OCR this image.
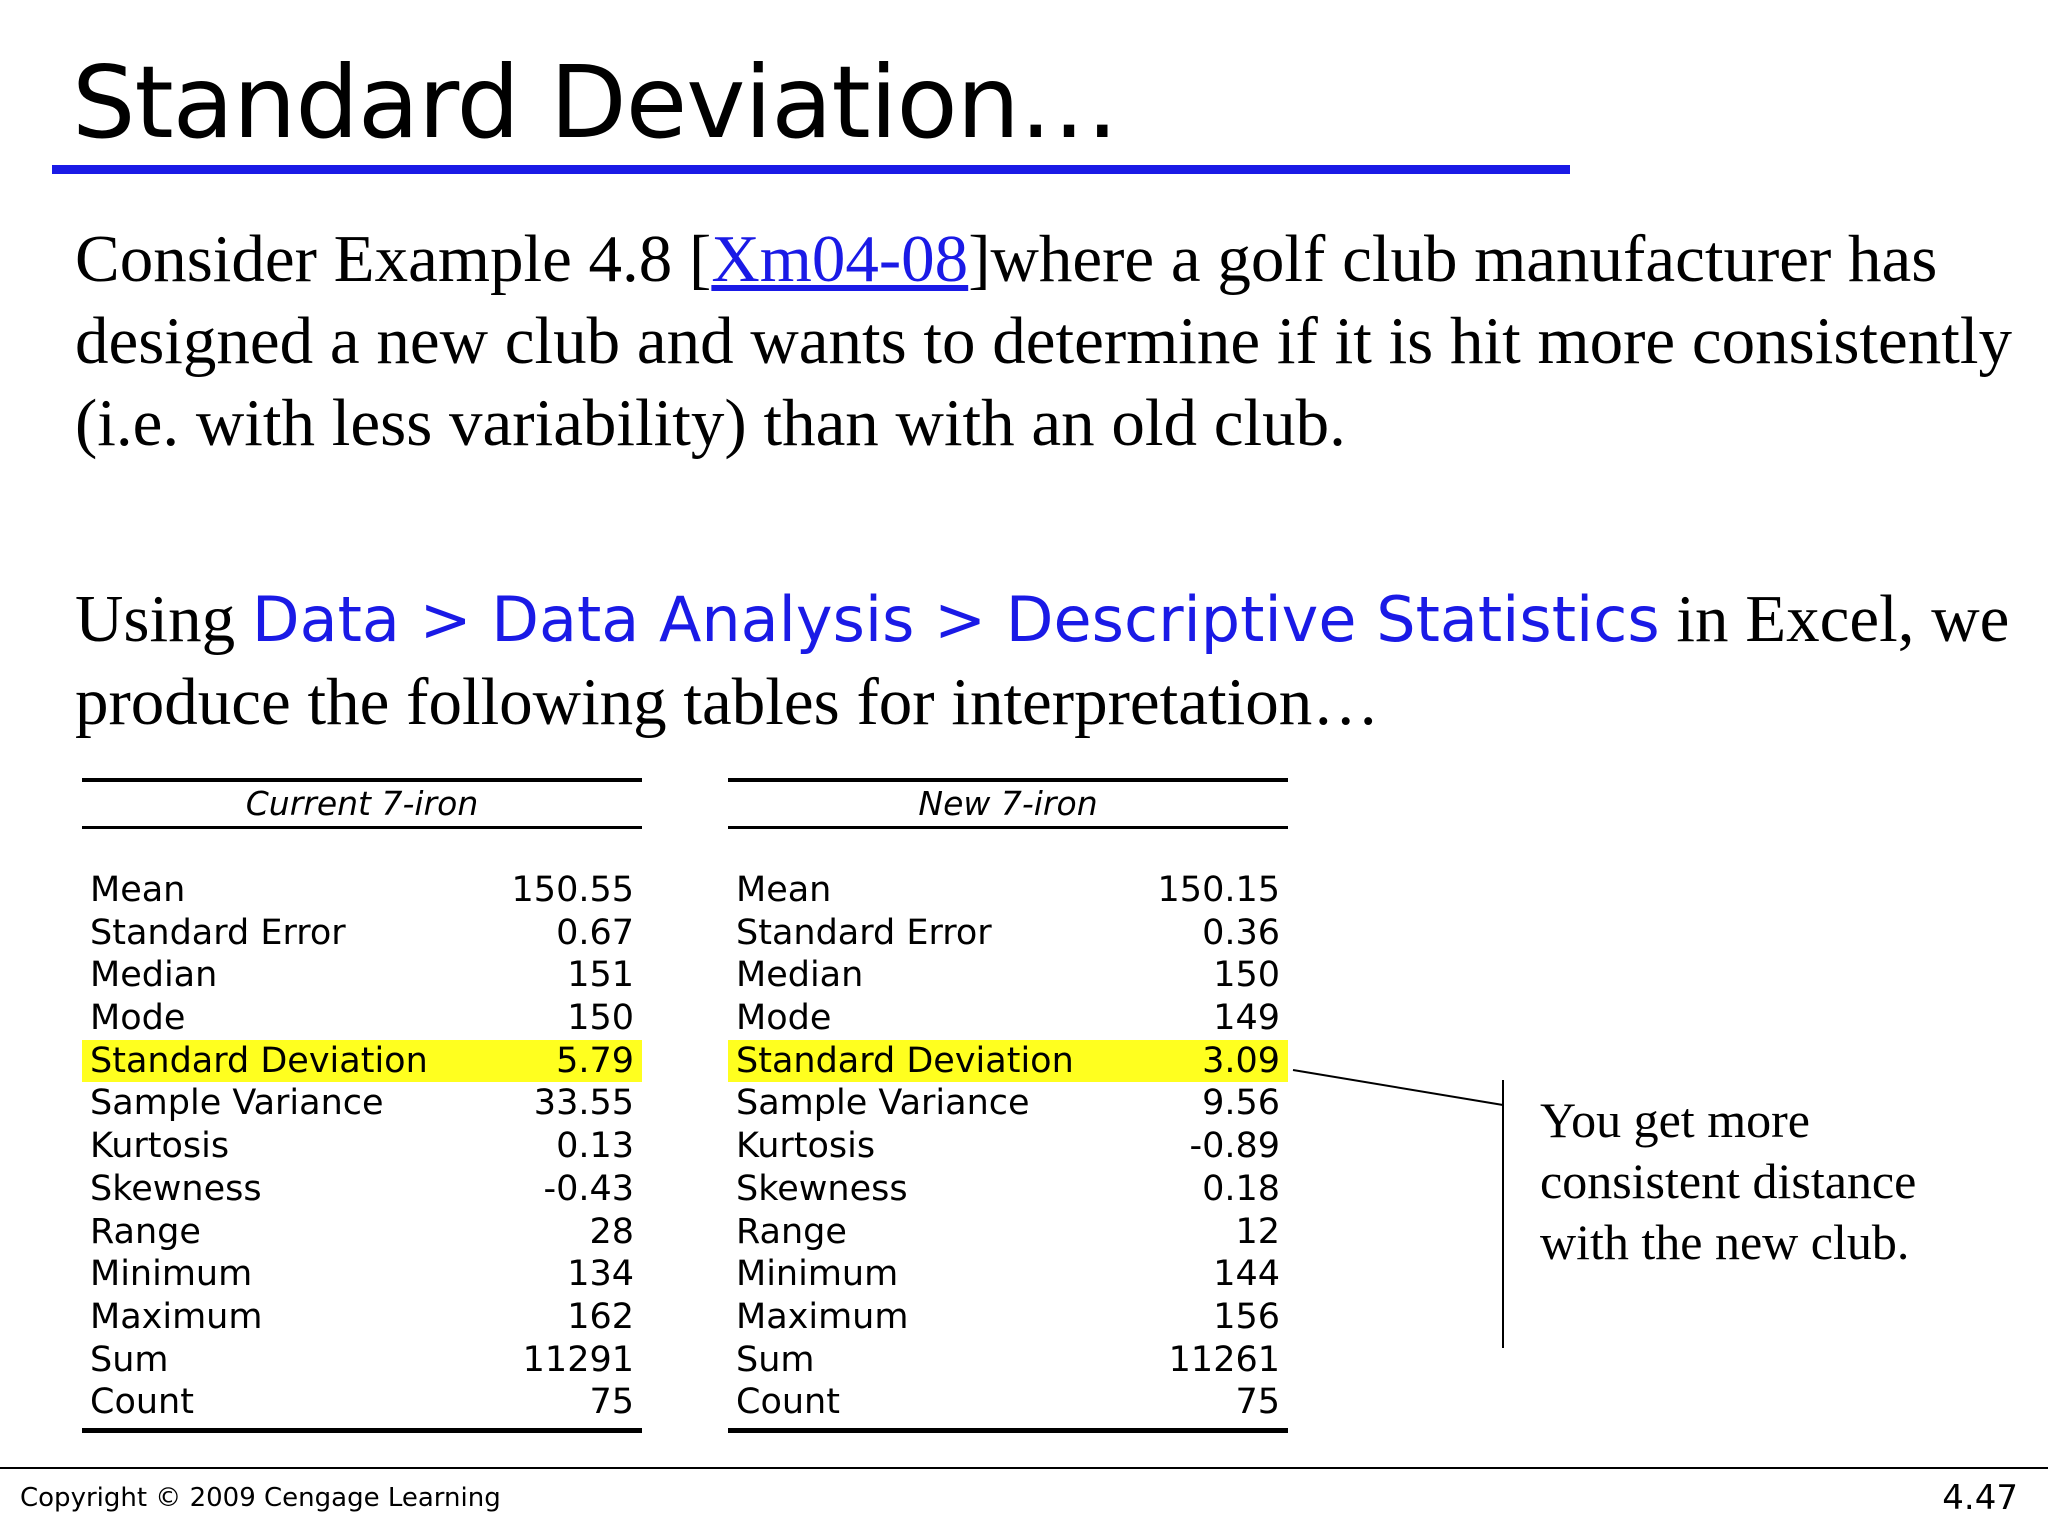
Standard Deviation…
Consider Example 4.8 [Xm04-08]where a golf club manufacturer has designed a new club and wants to determine if it is hit more consistently (i.e. with less variability) than with an old club.
Using Data > Data Analysis > Descriptive Statistics in Excel, we produce the following tables for interpretation…
Current 7-iron
Mean	150.55
Standard Error	0.67
Median	151
Mode	150
Standard Deviation	5.79
Sample Variance	33.55
Kurtosis	0.13
Skewness	-0.43
Range	28
Minimum	134
Maximum	162
Sum	11291
Count	75
New 7-iron
Mean	150.15
Standard Error	0.36
Median	150
Mode	149
Standard Deviation	3.09
Sample Variance	9.56
Kurtosis	-0.89
Skewness	0.18
Range	12
Minimum	144
Maximum	156
Sum	11261
Count	75
You get more consistent distance with the new club.
Copyright © 2009 Cengage Learning	4.47
